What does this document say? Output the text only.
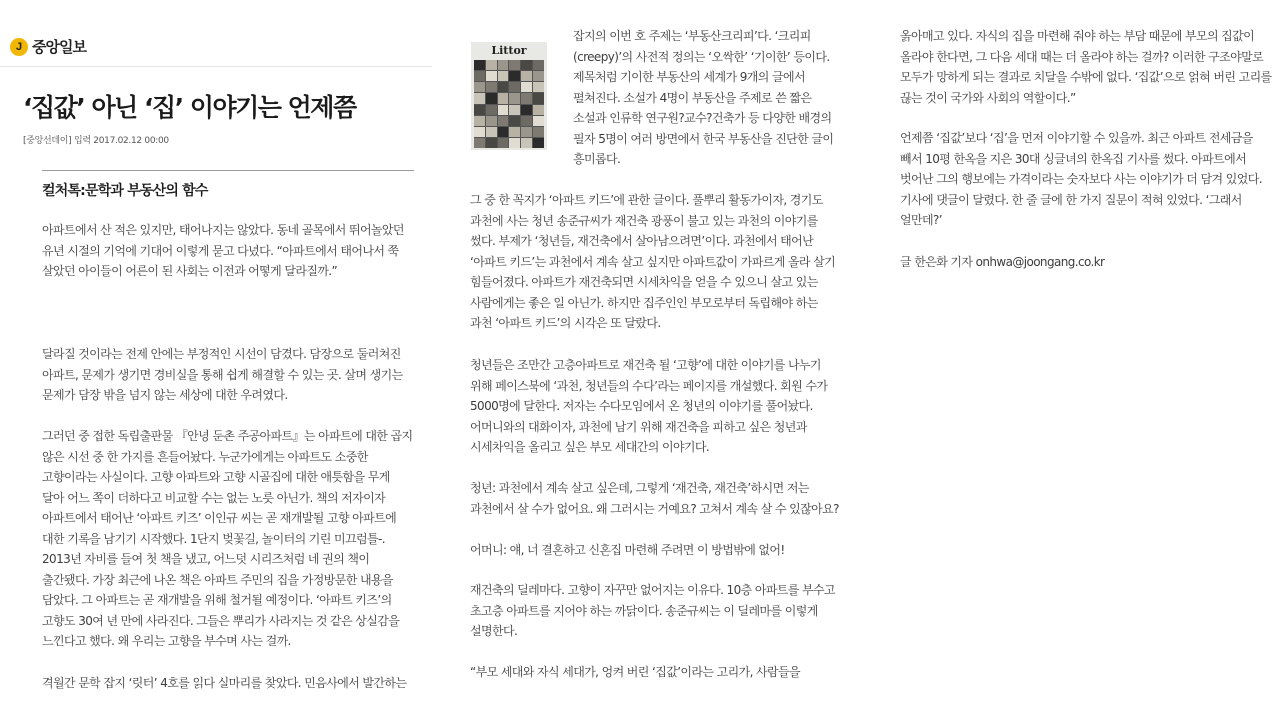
J 중앙일보
‘집값’ 아닌 ‘집’ 이야기는 언제쯤
[중앙선데이] 입력 2017.02.12 00:00
컬처톡:문학과 부동산의 함수
아파트에서 산 적은 있지만, 태어나지는 않았다. 동네 골목에서 뛰어놀았던
유년 시절의 기억에 기대어 이렇게 묻고 다녔다. “아파트에서 태어나서 쭉
살았던 아이들이 어른이 된 사회는 이전과 어떻게 달라질까.”
달라질 것이라는 전제 안에는 부정적인 시선이 담겼다. 담장으로 둘러쳐진
아파트, 문제가 생기면 경비실을 통해 쉽게 해결할 수 있는 곳. 살며 생기는
문제가 담장 밖을 넘지 않는 세상에 대한 우려였다.
그러던 중 접한 독립출판물 『안녕 둔촌 주공아파트』는 아파트에 대한 곱지
않은 시선 중 한 가지를 흔들어놨다. 누군가에게는 아파트도 소중한
고향이라는 사실이다. 고향 아파트와 고향 시골집에 대한 애틋함을 무게
달아 어느 쪽이 더하다고 비교할 수는 없는 노릇 아닌가. 책의 저자이자
아파트에서 태어난 ‘아파트 키즈’ 이인규 씨는 곧 재개발될 고향 아파트에
대한 기록을 남기기 시작했다. 1단지 벚꽃길, 놀이터의 기린 미끄럼틀-.
2013년 자비를 들여 첫 책을 냈고, 어느덧 시리즈처럼 네 권의 책이
출간됐다. 가장 최근에 나온 책은 아파트 주민의 집을 가정방문한 내용을
담았다. 그 아파트는 곧 재개발을 위해 철거될 예정이다. ‘아파트 키즈’의
고향도 30여 년 만에 사라진다. 그들은 뿌리가 사라지는 것 같은 상실감을
느낀다고 했다. 왜 우리는 고향을 부수며 사는 걸까.
격월간 문학 잡지 ‘릿터’ 4호를 읽다 실마리를 찾았다. 민음사에서 발간하는
Littor
잡지의 이번 호 주제는 ‘부동산크리피’다. ‘크리피
(creepy)’의 사전적 정의는 ‘오싹한’ ‘기이한’ 등이다.
제목처럼 기이한 부동산의 세계가 9개의 글에서
펼쳐진다. 소설가 4명이 부동산을 주제로 쓴 짧은
소설과 인류학 연구원?교수?건축가 등 다양한 배경의
필자 5명이 여러 방면에서 한국 부동산을 진단한 글이
흥미롭다.
그 중 한 꼭지가 ‘아파트 키드’에 관한 글이다. 풀뿌리 활동가이자, 경기도
과천에 사는 청년 송준규씨가 재건축 광풍이 불고 있는 과천의 이야기를
썼다. 부제가 ‘청년들, 재건축에서 살아남으려면’이다. 과천에서 태어난
‘아파트 키드’는 과천에서 계속 살고 싶지만 아파트값이 가파르게 올라 살기
힘들어졌다. 아파트가 재건축되면 시세차익을 얻을 수 있으니 살고 있는
사람에게는 좋은 일 아닌가. 하지만 집주인인 부모로부터 독립해야 하는
과천 ‘아파트 키드’의 시각은 또 달랐다.
청년들은 조만간 고층아파트로 재건축 될 ‘고향’에 대한 이야기를 나누기
위해 페이스북에 ‘과천, 청년들의 수다’라는 페이지를 개설했다. 회원 수가
5000명에 달한다. 저자는 수다모임에서 온 청년의 이야기를 풀어놨다.
어머니와의 대화이자, 과천에 남기 위해 재건축을 피하고 싶은 청년과
시세차익을 올리고 싶은 부모 세대간의 이야기다.
청년: 과천에서 계속 살고 싶은데, 그렇게 ‘재건축, 재건축’하시면 저는
과천에서 살 수가 없어요. 왜 그러시는 거예요? 고쳐서 계속 살 수 있잖아요?
어머니: 얘, 너 결혼하고 신혼집 마련해 주려면 이 방법밖에 없어!
재건축의 딜레마다. 고향이 자꾸만 없어지는 이유다. 10층 아파트를 부수고
초고층 아파트를 지어야 하는 까닭이다. 송준규씨는 이 딜레마를 이렇게
설명한다.
“부모 세대와 자식 세대가, 엉켜 버린 ‘집값’이라는 고리가, 사람들을
옭아매고 있다. 자식의 집을 마련해 줘야 하는 부담 때문에 부모의 집값이
올라야 한다면, 그 다음 세대 때는 더 올라야 하는 걸까? 이러한 구조야말로
모두가 망하게 되는 결과로 치달을 수밖에 없다. ‘집값’으로 얽혀 버린 고리를
끊는 것이 국가와 사회의 역할이다.”
언제쯤 ‘집값’보다 ‘집’을 먼저 이야기할 수 있을까. 최근 아파트 전세금을
빼서 10평 한옥을 지은 30대 싱글녀의 한옥집 기사를 썼다. 아파트에서
벗어난 그의 행보에는 가격이라는 숫자보다 사는 이야기가 더 담겨 있었다.
기사에 댓글이 달렸다. 한 줄 글에 한 가지 질문이 적혀 있었다. ‘그래서
얼만데?’
글 한은화 기자 onhwa@joongang.co.kr
